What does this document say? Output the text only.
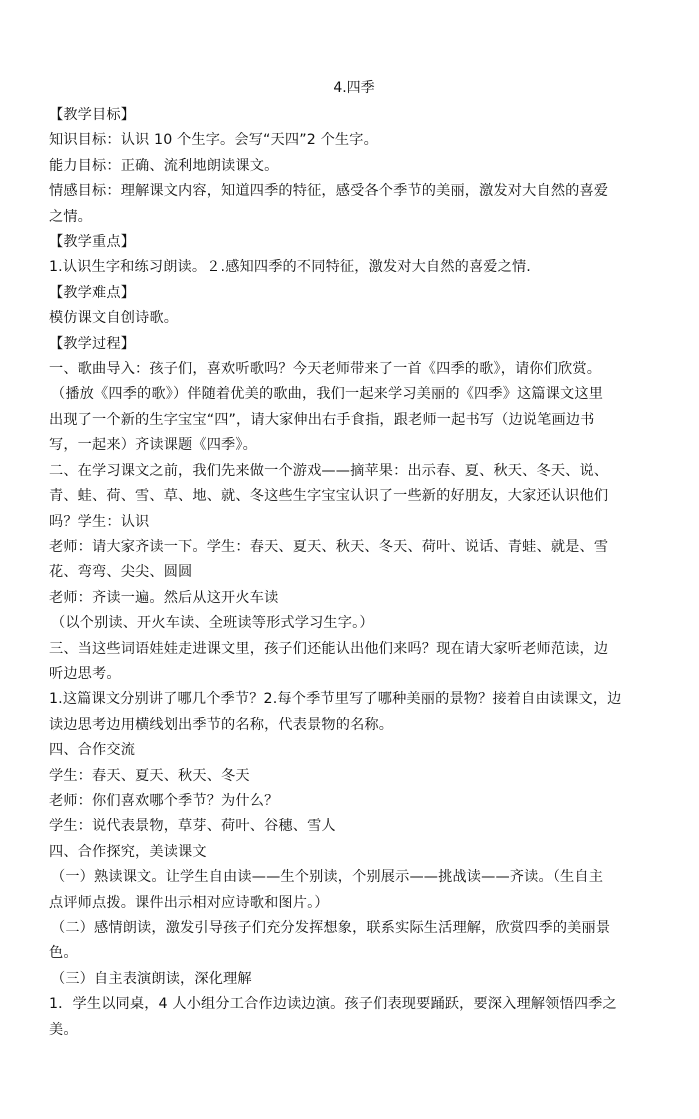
4.四季
【教学目标】
知识目标：认识 10 个生字。会写“天四”2 个生字。
能力目标：正确、流利地朗读课文。
情感目标：理解课文内容，知道四季的特征，感受各个季节的美丽，激发对大自然的喜爱
之情。
【教学重点】
1.认识生字和练习朗读。２.感知四季的不同特征，激发对大自然的喜爱之情.
【教学难点】
模仿课文自创诗歌。
【教学过程】
一、歌曲导入：孩子们，喜欢听歌吗？今天老师带来了一首《四季的歌》，请你们欣赏。
（播放《四季的歌》）伴随着优美的歌曲，我们一起来学习美丽的《四季》这篇课文这里
出现了一个新的生字宝宝“四”，请大家伸出右手食指，跟老师一起书写（边说笔画边书
写，一起来）齐读课题《四季》。
二、在学习课文之前，我们先来做一个游戏——摘苹果：出示春、夏、秋天、冬天、说、
青、蛙、荷、雪、草、地、就、冬这些生字宝宝认识了一些新的好朋友，大家还认识他们
吗？学生：认识
老师：请大家齐读一下。学生：春天、夏天、秋天、冬天、荷叶、说话、青蛙、就是、雪
花、弯弯、尖尖、圆圆
老师：齐读一遍。然后从这开火车读
（以个别读、开火车读、全班读等形式学习生字。）
三、当这些词语娃娃走进课文里，孩子们还能认出他们来吗？现在请大家听老师范读，边
听边思考。
1.这篇课文分别讲了哪几个季节？2.每个季节里写了哪种美丽的景物？接着自由读课文，边
读边思考边用横线划出季节的名称，代表景物的名称。
四、合作交流
学生：春天、夏天、秋天、冬天
老师：你们喜欢哪个季节？为什么？
学生：说代表景物，草芽、荷叶、谷穗、雪人
四、合作探究，美读课文
（一）熟读课文。让学生自由读——生个别读，个别展示——挑战读——齐读。（生自主
点评师点拨。课件出示相对应诗歌和图片。）
（二）感情朗读，激发引导孩子们充分发挥想象，联系实际生活理解，欣赏四季的美丽景
色。
（三）自主表演朗读，深化理解
1．学生以同桌，4 人小组分工合作边读边演。孩子们表现要踊跃，要深入理解领悟四季之
美。
